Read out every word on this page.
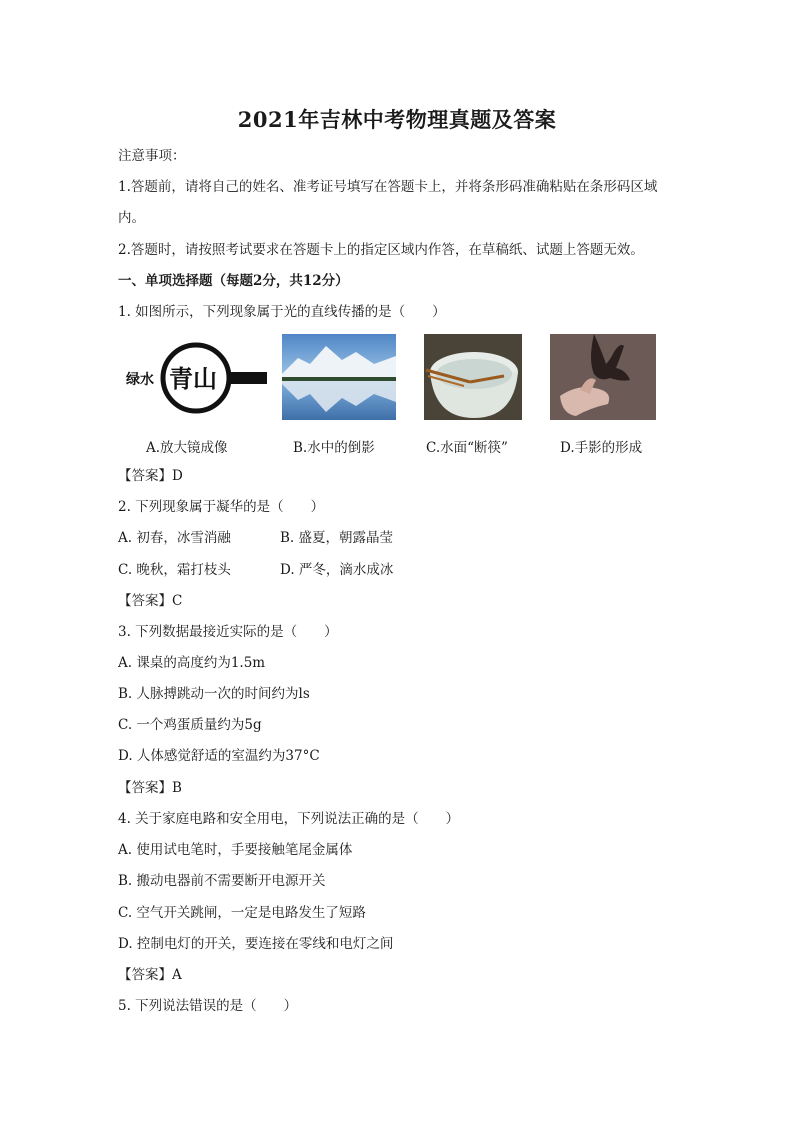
2021年吉林中考物理真题及答案
注意事项：
1.答题前，请将自己的姓名、准考证号填写在答题卡上，并将条形码准确粘贴在条形码区域
内。
2.答题时，请按照考试要求在答题卡上的指定区域内作答，在草稿纸、试题上答题无效。
一、单项选择题（每题2分，共12分）
1. 如图所示，下列现象属于光的直线传播的是（　　）
绿水 青山
A.放大镜成像	B.水中的倒影	C.水面“断筷”	D.手影的形成
【答案】D
2. 下列现象属于凝华的是（　　）
A. 初春，冰雪消融	B. 盛夏，朝露晶莹
C. 晚秋，霜打枝头	D. 严冬，滴水成冰
【答案】C
3. 下列数据最接近实际的是（　　）
A. 课桌的高度约为1.5m
B. 人脉搏跳动一次的时间约为ls
C. 一个鸡蛋质量约为5g
D. 人体感觉舒适的室温约为37°C
【答案】B
4. 关于家庭电路和安全用电，下列说法正确的是（　　）
A. 使用试电笔时，手要接触笔尾金属体
B. 搬动电器前不需要断开电源开关
C. 空气开关跳闸，一定是电路发生了短路
D. 控制电灯的开关，要连接在零线和电灯之间
【答案】A
5. 下列说法错误的是（　　）
